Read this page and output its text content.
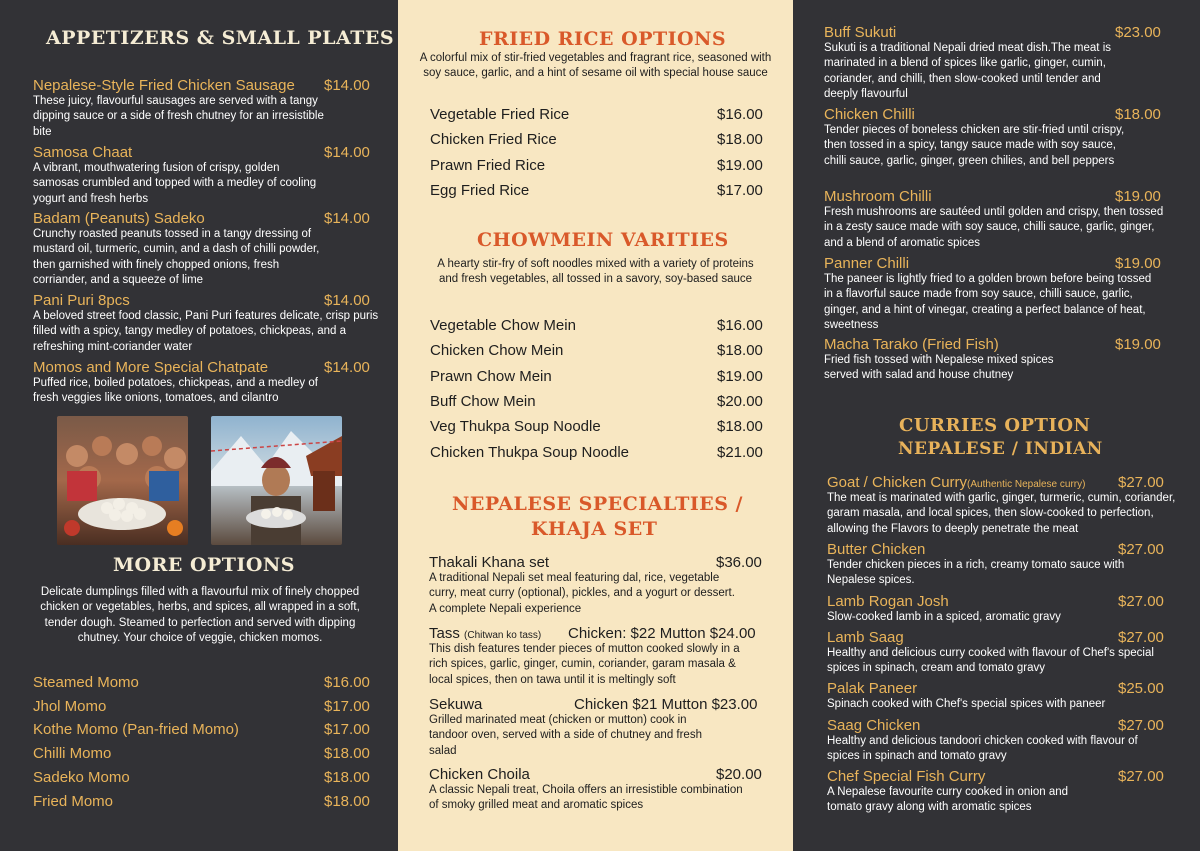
APPETIZERS & SMALL PLATES
Nepalese-Style Fried Chicken Sausage $14.00
These juicy, flavourful sausages are served with a tangy dipping sauce or a side of fresh chutney for an irresistible bite
Samosa Chaat	$14.00
A vibrant, mouthwatering fusion of crispy, golden samosas crumbled and topped with a medley of cooling yogurt and fresh herbs
Badam (Peanuts) Sadeko	$14.00
Crunchy roasted peanuts tossed in a tangy dressing of mustard oil, turmeric, cumin, and a dash of chilli powder, then garnished with finely chopped onions, fresh corriander, and a squeeze of lime
Pani Puri 8pcs	$14.00
A beloved street food classic, Pani Puri features delicate, crisp puris filled with a spicy, tangy medley of potatoes, chickpeas, and a refreshing mint-coriander water
Momos and More Special Chatpate	$14.00
Puffed rice, boiled potatoes, chickpeas, and a medley of fresh veggies like onions, tomatoes, and cilantro
MORE OPTIONS
Delicate dumplings filled with a flavourful mix of finely chopped chicken or vegetables, herbs, and spices, all wrapped in a soft, tender dough. Steamed to perfection and served with dipping chutney. Your choice of veggie, chicken momos.
Steamed Momo	$16.00
Jhol Momo	$17.00
Kothe Momo (Pan-fried Momo)	$17.00
Chilli Momo	$18.00
Sadeko Momo	$18.00
Fried Momo	$18.00
FRIED RICE OPTIONS
A colorful mix of stir-fried vegetables and fragrant rice, seasoned with soy sauce, garlic, and a hint of sesame oil with special house sauce
Vegetable Fried Rice	$16.00
Chicken Fried Rice	$18.00
Prawn Fried Rice	$19.00
Egg Fried Rice	$17.00
CHOWMEIN VARITIES
A hearty stir-fry of soft noodles mixed with a variety of proteins and fresh vegetables, all tossed in a savory, soy-based sauce
Vegetable Chow Mein	$16.00
Chicken Chow Mein	$18.00
Prawn Chow Mein	$19.00
Buff Chow Mein	$20.00
Veg Thukpa Soup Noodle	$18.00
Chicken Thukpa Soup Noodle	$21.00
NEPALESE SPECIALTIES /
KHAJA SET
Thakali Khana set	$36.00
A traditional Nepali set meal featuring dal, rice, vegetable curry, meat curry (optional), pickles, and a yogurt or dessert. A complete Nepali experience
Tass (Chitwan ko tass) Chicken: $22 Mutton $24.00
This dish features tender pieces of mutton cooked slowly in a rich spices, garlic, ginger, cumin, coriander, garam masala & local spices, then on tawa until it is meltingly soft
Sekuwa	Chicken $21 Mutton $23.00
Grilled marinated meat (chicken or mutton) cook in tandoor oven, served with a side of chutney and fresh salad
Chicken Choila	$20.00
A classic Nepali treat, Choila offers an irresistible combination of smoky grilled meat and aromatic spices
Buff Sukuti	$23.00
Sukuti is a traditional Nepali dried meat dish.The meat is marinated in a blend of spices like garlic, ginger, cumin, coriander, and chilli, then slow-cooked until tender and deeply flavourful
Chicken Chilli	$18.00
Tender pieces of boneless chicken are stir-fried until crispy, then tossed in a spicy, tangy sauce made with soy sauce, chilli sauce, garlic, ginger, green chilies, and bell peppers
Mushroom Chilli	$19.00
Fresh mushrooms are sautéed until golden and crispy, then tossed in a zesty sauce made with soy sauce, chilli sauce, garlic, ginger, and a blend of aromatic spices
Panner Chilli	$19.00
The paneer is lightly fried to a golden brown before being tossed in a flavorful sauce made from soy sauce, chilli sauce, garlic, ginger, and a hint of vinegar, creating a perfect balance of heat, sweetness
Macha Tarako (Fried Fish)	$19.00
Fried fish tossed with Nepalese mixed spices served with salad and house chutney
CURRIES OPTION
NEPALESE / INDIAN
Goat / Chicken Curry(Authentic Nepalese curry) $27.00
The meat is marinated with garlic, ginger, turmeric, cumin, coriander, garam masala, and local spices, then slow-cooked to perfection, allowing the Flavors to deeply penetrate the meat
Butter Chicken	$27.00
Tender chicken pieces in a rich, creamy tomato sauce with Nepalese spices.
Lamb Rogan Josh	$27.00
Slow-cooked lamb in a spiced, aromatic gravy
Lamb Saag	$27.00
Healthy and delicious curry cooked with flavour of Chef's special spices in spinach, cream and tomato gravy
Palak Paneer	$25.00
Spinach cooked with Chef's special spices with paneer
Saag Chicken	$27.00
Healthy and delicious tandoori chicken cooked with flavour of spices in spinach and tomato gravy
Chef Special Fish Curry	$27.00
A Nepalese favourite curry cooked in onion and tomato gravy along with aromatic spices
